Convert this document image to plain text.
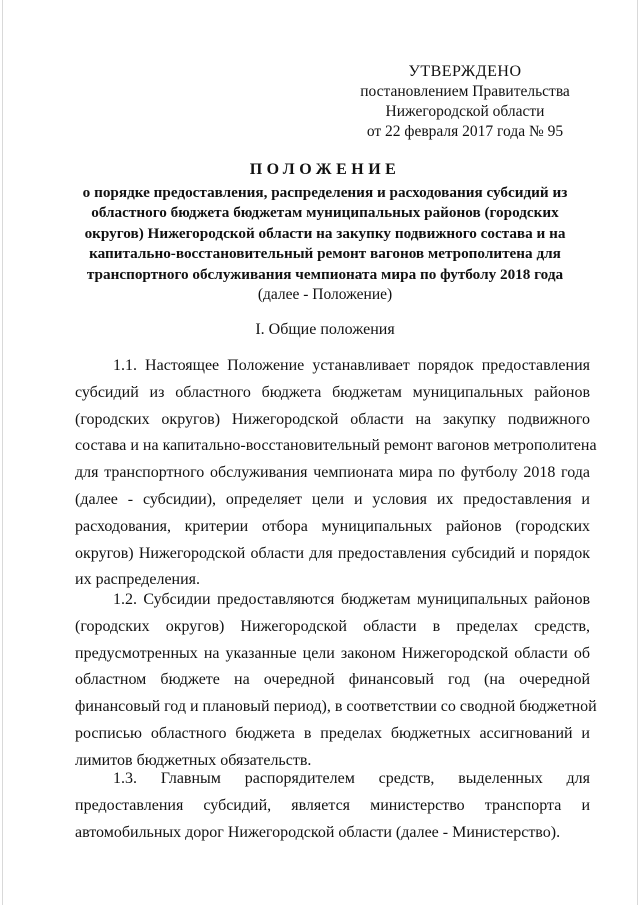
УТВЕРЖДЕНО
постановлением Правительства
Нижегородской области
от 22 февраля 2017 года № 95
ПОЛОЖЕНИЕ
о порядке предоставления, распределения и расходования субсидий из
областного бюджета бюджетам муниципальных районов (городских
округов) Нижегородской области на закупку подвижного состава и на
капитально-восстановительный ремонт вагонов метрополитена для
транспортного обслуживания чемпионата мира по футболу 2018 года
(далее - Положение)
I. Общие положения
1.1. Настоящее Положение устанавливает порядок предоставления
субсидий из областного бюджета бюджетам муниципальных районов
(городских округов) Нижегородской области на закупку подвижного
состава и на капитально-восстановительный ремонт вагонов метрополитена
для транспортного обслуживания чемпионата мира по футболу 2018 года
(далее - субсидии), определяет цели и условия их предоставления и
расходования, критерии отбора муниципальных районов (городских
округов) Нижегородской области для предоставления субсидий и порядок
их распределения.
1.2. Субсидии предоставляются бюджетам муниципальных районов
(городских округов) Нижегородской области в пределах средств,
предусмотренных на указанные цели законом Нижегородской области об
областном бюджете на очередной финансовый год (на очередной
финансовый год и плановый период), в соответствии со сводной бюджетной
росписью областного бюджета в пределах бюджетных ассигнований и
лимитов бюджетных обязательств.
1.3. Главным распорядителем средств, выделенных для
предоставления субсидий, является министерство транспорта и
автомобильных дорог Нижегородской области (далее - Министерство).
